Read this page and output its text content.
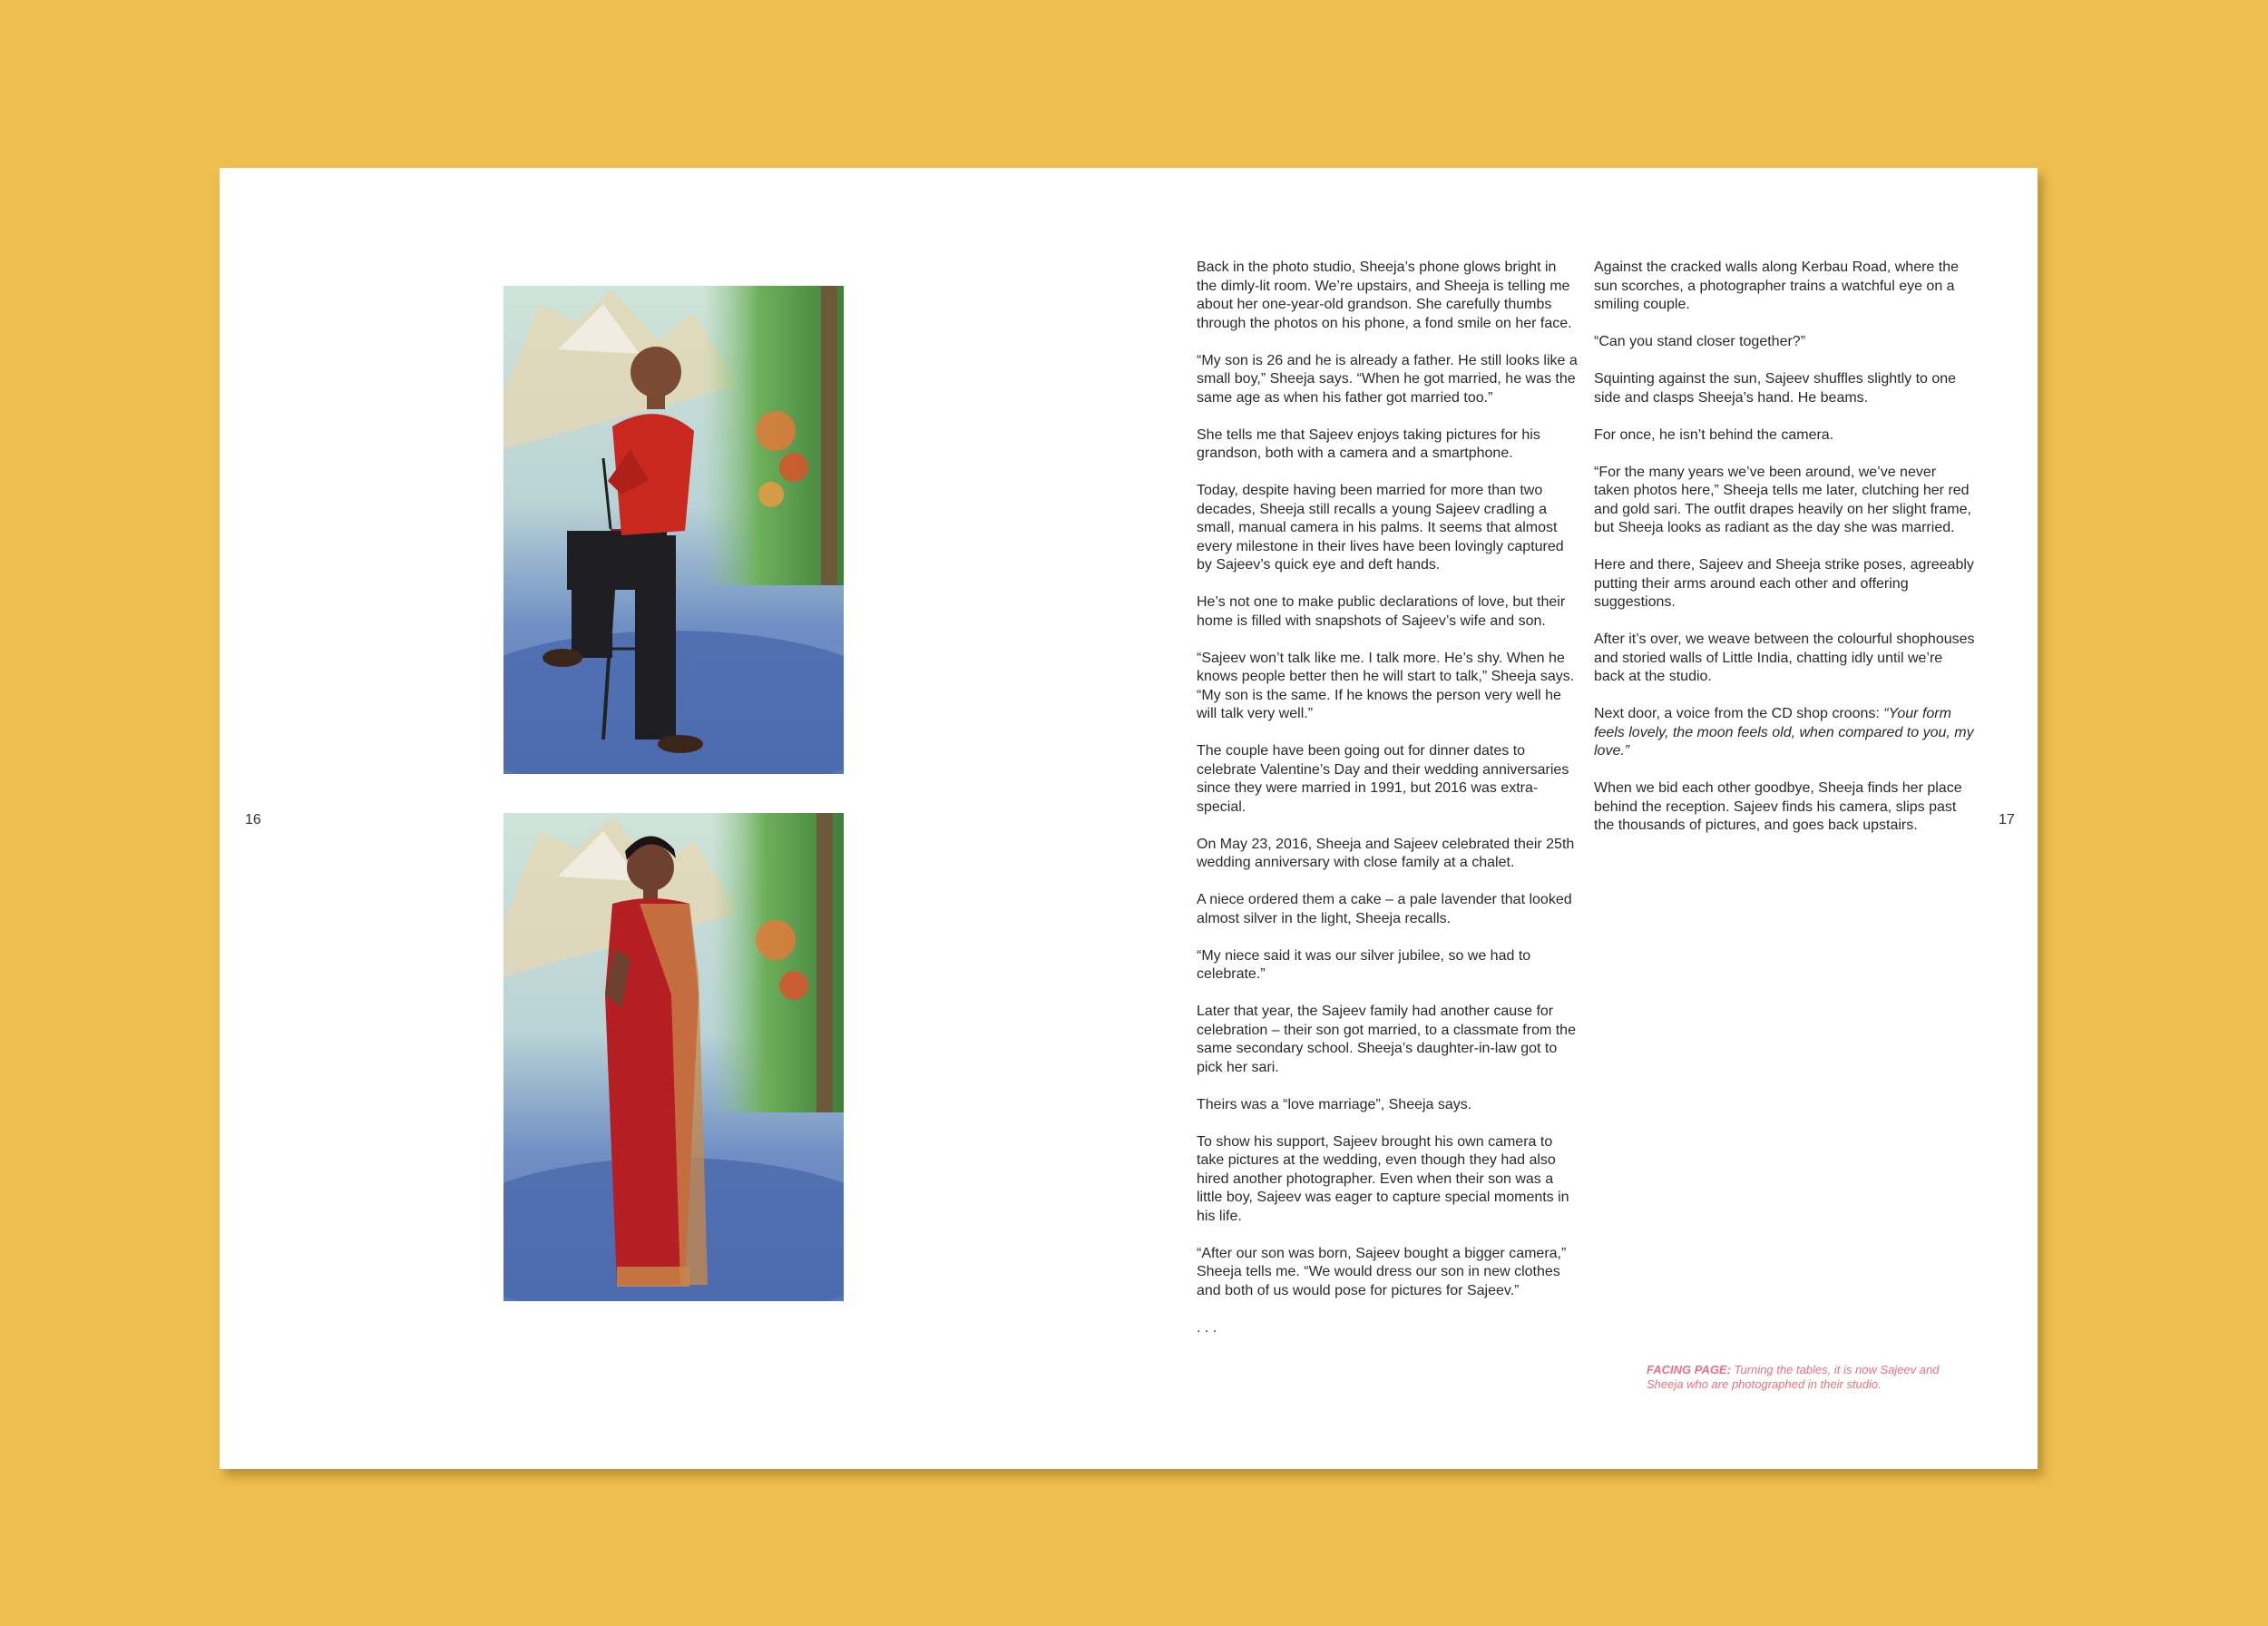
16	17

Back in the photo studio, Sheeja’s phone glows bright in the dimly-lit room. We’re upstairs, and Sheeja is telling me about her one-year-old grandson. She carefully thumbs through the photos on his phone, a fond smile on her face.

“My son is 26 and he is already a father. He still looks like a small boy,” Sheeja says. “When he got married, he was the same age as when his father got married too.”

She tells me that Sajeev enjoys taking pictures for his grandson, both with a camera and a smartphone.

Today, despite having been married for more than two decades, Sheeja still recalls a young Sajeev cradling a small, manual camera in his palms. It seems that almost every milestone in their lives have been lovingly captured by Sajeev’s quick eye and deft hands.

He’s not one to make public declarations of love, but their home is filled with snapshots of Sajeev’s wife and son.

“Sajeev won’t talk like me. I talk more. He’s shy. When he knows people better then he will start to talk,” Sheeja says. “My son is the same. If he knows the person very well he will talk very well.”

The couple have been going out for dinner dates to celebrate Valentine’s Day and their wedding anniversaries since they were married in 1991, but 2016 was extra-special.

On May 23, 2016, Sheeja and Sajeev celebrated their 25th wedding anniversary with close family at a chalet.

A niece ordered them a cake – a pale lavender that looked almost silver in the light, Sheeja recalls.

“My niece said it was our silver jubilee, so we had to celebrate.”

Later that year, the Sajeev family had another cause for celebration – their son got married, to a classmate from the same secondary school. Sheeja’s daughter-in-law got to pick her sari.

Theirs was a “love marriage”, Sheeja says.

To show his support, Sajeev brought his own camera to take pictures at the wedding, even though they had also hired another photographer. Even when their son was a little boy, Sajeev was eager to capture special moments in his life.

“After our son was born, Sajeev bought a bigger camera,” Sheeja tells me. “We would dress our son in new clothes and both of us would pose for pictures for Sajeev.”

. . .

Against the cracked walls along Kerbau Road, where the sun scorches, a photographer trains a watchful eye on a smiling couple.

“Can you stand closer together?”

Squinting against the sun, Sajeev shuffles slightly to one side and clasps Sheeja’s hand. He beams.

For once, he isn’t behind the camera.

“For the many years we’ve been around, we’ve never taken photos here,” Sheeja tells me later, clutching her red and gold sari. The outfit drapes heavily on her slight frame, but Sheeja looks as radiant as the day she was married.

Here and there, Sajeev and Sheeja strike poses, agreeably putting their arms around each other and offering suggestions.

After it’s over, we weave between the colourful shophouses and storied walls of Little India, chatting idly until we’re back at the studio.

Next door, a voice from the CD shop croons: “Your form feels lovely, the moon feels old, when compared to you, my love.”

When we bid each other goodbye, Sheeja finds her place behind the reception. Sajeev finds his camera, slips past the thousands of pictures, and goes back upstairs.

FACING PAGE: Turning the tables, it is now Sajeev and Sheeja who are photographed in their studio.
